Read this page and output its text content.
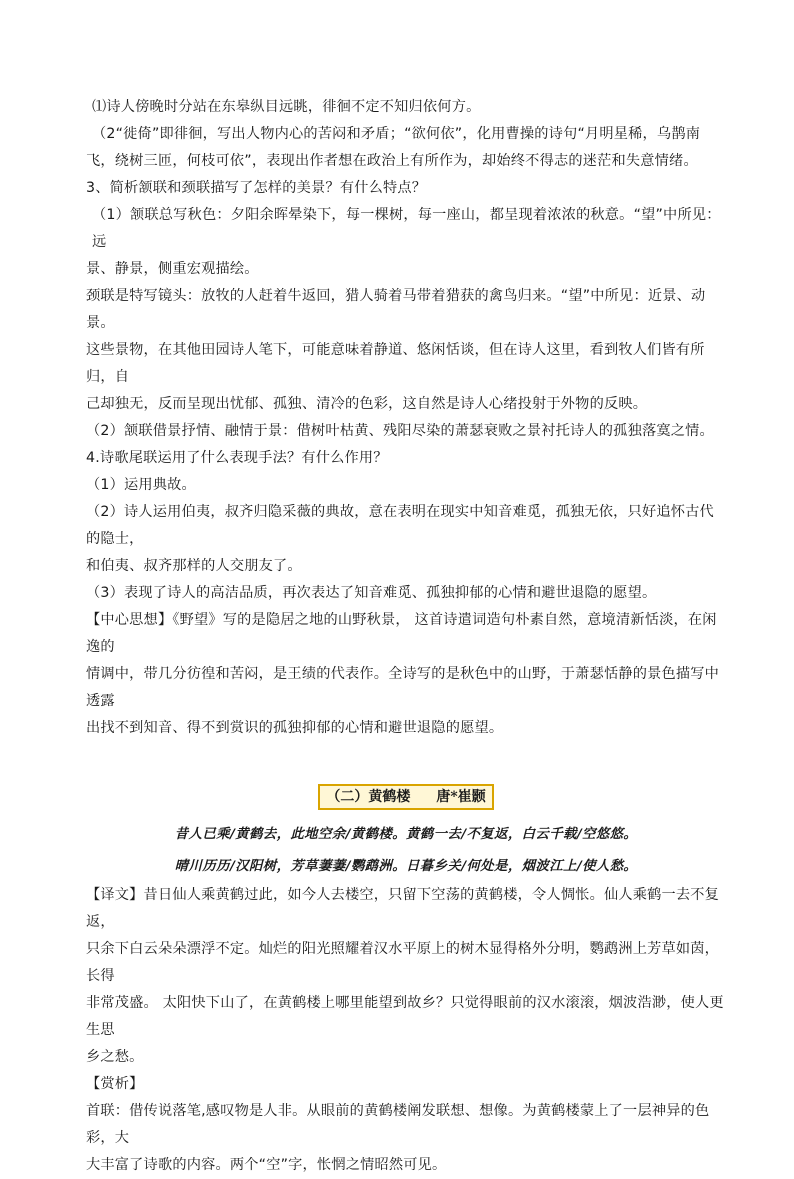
⑴诗人傍晚时分站在东皋纵目远眺，徘徊不定不知归依何方。

（2“徙倚”即徘徊，写出人物内心的苦闷和矛盾；“欲何依”，化用曹操的诗句“月明星稀，乌鹊南

飞，绕树三匝，何枝可依”，表现出作者想在政治上有所作为，却始终不得志的迷茫和失意情绪。

3、简析颔联和颈联描写了怎样的美景？有什么特点？

（1）颔联总写秋色：夕阳余晖晕染下，每一棵树，每一座山，都呈现着浓浓的秋意。“望”中所见：远

景、静景，侧重宏观描绘。

颈联是特写镜头：放牧的人赶着牛返回，猎人骑着马带着猎获的禽鸟归来。“望”中所见：近景、动景。

这些景物，在其他田园诗人笔下，可能意味着静道、悠闲恬谈，但在诗人这里，看到牧人们皆有所归，自

己却独无，反而呈现出忧郁、孤独、清冷的色彩，这自然是诗人心绪投射于外物的反映。

（2）颔联借景抒情、融情于景：借树叶枯黄、残阳尽染的萧瑟衰败之景衬托诗人的孤独落寞之情。

4.诗歌尾联运用了什么表现手法？有什么作用？

（1）运用典故。

（2）诗人运用伯夷，叔齐归隐采薇的典故，意在表明在现实中知音难觅，孤独无依，只好追怀古代的隐士，

和伯夷、叔齐那样的人交朋友了。

（3）表现了诗人的高洁品质，再次表达了知音难觅、孤独抑郁的心情和避世退隐的愿望。

【中心思想】《野望》写的是隐居之地的山野秋景， 这首诗遣词造句朴素自然，意境清新恬淡，在闲逸的

情调中，带几分彷徨和苦闷，是王绩的代表作。全诗写的是秋色中的山野，于萧瑟恬静的景色描写中透露

出找不到知音、得不到赏识的孤独抑郁的心情和避世退隐的愿望。

（二）黄鹤楼 唐*崔颢

昔人已乘/黄鹤去，此地空余/黄鹤楼。黄鹤一去/不复返，白云千载/空悠悠。

晴川历历/汉阳树，芳草萋萋/鹦鹉洲。日暮乡关/何处是，烟波江上/使人愁。

【译文】昔日仙人乘黄鹤过此，如今人去楼空，只留下空荡的黄鹤楼，令人惆怅。仙人乘鹤一去不复返，

只余下白云朵朵漂浮不定。灿烂的阳光照耀着汉水平原上的树木显得格外分明，鹦鹉洲上芳草如茵，长得

非常茂盛。 太阳快下山了，在黄鹤楼上哪里能望到故乡？只觉得眼前的汉水滚滚，烟波浩渺，使人更生思

乡之愁。

【赏析】

首联：借传说落笔,感叹物是人非。从眼前的黄鹤楼阐发联想、想像。为黄鹤楼蒙上了一层神异的色彩，大

大丰富了诗歌的内容。两个“空”字，怅惘之情昭然可见。
